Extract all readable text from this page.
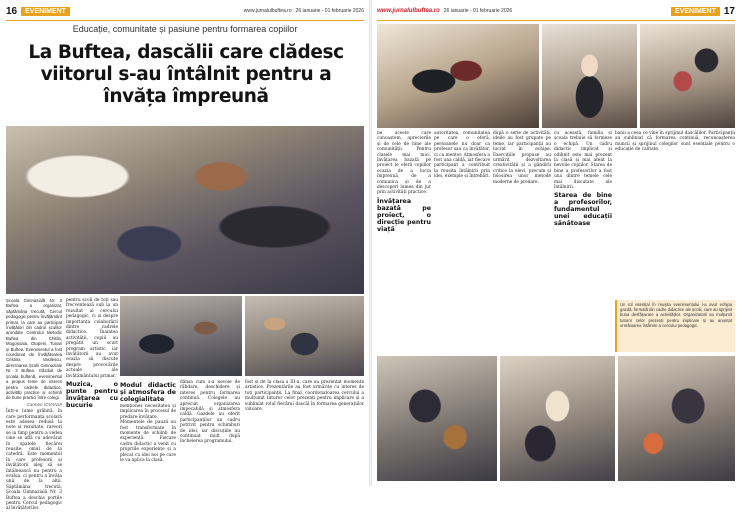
16	EVENIMENT	www.jurnalulbuftea.ro 26 ianuarie - 01 februarie 2026
Educație, comunitate și pasiune pentru formarea copiilor
La Buftea, dascălii care clădesc viitorul s-au întâlnit pentru a învăța împreună
Școala Gimnazială Nr. 3 Buftea a organizat, săptămâna trecută, Cercul pedagogic pentru învățământ primar, la care au participat învățători din cadrul școlilor arondate Centrului Metodic Buftea din Chitila, Mogoșoaia, Otopeni, Tunari și Buftea. Evenimentul a fost coordonat de învățătoarea Cristina Vasilescu, directoarea Școlii Gimnaziale Nr. 3 Buftea. Găzduit de școala buftenă, evenimentul a propus teme de interes pentru cadrele didactice, activități practice și schimb de bune practici între colegi.
Carmen IOVANUI
Într-o lume grăbită, în care performanța școlară este adesea redusă la note și rezultate, rareori se ia timp pentru a vedea cine se află cu adevărat în spatele fiecărei reușite: omul de la catedră. Este momentul în care profesorii și învățătorii aleg să se întâlnească nu pentru a evalua, ci pentru a învăța unii de la alții. Săptămâna trecută, Școala Gimnazială Nr. 3 Buftea a deschis porțile pentru Cercul pedagogic al învățătorilor.
pentru școli de toți sau frecventează sub la un rezultat al cercului pedagogic, ci și despre importanța colaborării dintre cadrele didactice. Înaintea activității, copiii au pregătit un scurt program artistic, iar învățătorii au avut ocazia să discute despre provocările actuale ale învățământului primar.
Muzica, o punte pentru învățarea cu bucurie
Modul didactic și atmosfera de colegialitate
menționez necesitatea și implicarea în procesul de predare-învățare. Momentele de pauză au fost transformate în momente de schimb de experiență. Fiecare cadru didactic a venit cu propriile experiențe și a plecat cu idei noi pe care le va aplica la clasă.
dânsa cum s-a nevoie de răbdare, deschidere și interes pentru formarea continuă. Colegele au apreciat organizarea impecabilă și atmosfera caldă. Gazdele au oferit participanților un cadru potrivit pentru schimburi de idei, iar discuțiile au continuat mult după încheierea programului.
fost și de la clasa a III-a, care au prezentat momente artistice. Prezentările au fost urmărite cu interes de toți participanții. La final, coordonatoarea cercului a mulțumit tuturor celor prezenți pentru implicare și a subliniat rolul fiecărui dascăl în formarea generațiilor viitoare.
www.jurnalulbuftea.ro 26 ianuarie - 01 februarie 2026	EVENIMENT 17
ne aceste care cunoaștem, aprecierile și de cele de bine ale comunității. Pentru clasele mai mici, învățarea bazată pe proiect le oferă copiilor ocazia de a lucra împreună, de a comunica și de a descoperi lumea din jur prin activități practice.
Învățarea bazată pe proiect, o direcție pentru viață
autoritatea, comunitatea pe care o oferă, persoanele nu doar ca profesor sau ca învățător, ci ca mentor. Atmosfera a fost una caldă, iar fiecare participant a contribuit la reușita întâlnirii prin idei, exemple și întrebări.
după o serie de activități, ideile au fost grupate pe teme, iar participanții au lucrat în echipe. Exercițiile propuse au urmărit dezvoltarea creativității și a gândirii critice la elevi, precum și folosirea unor metode moderne de predare.
cu această, familia și școala trebuie să formeze o echipă. Un cadru didactic implicat și odihnit este mai prezent la clasă și mai atent la nevoile copiilor. Starea de bine a profesorilor a fost una dintre temele cele mai discutate ale întâlnirii.
Starea de bine a profesorilor, fundamentul unei educații sănătoase
banii a ceea ce vine în sprijinul dascălilor. Participanții au subliniat că formarea continuă, recunoașterea muncii și sprijinul colegilor sunt esențiale pentru o educație de calitate.
Un rol esențial în reușita evenimentului l-a avut echipa gazdă, formată din cadre didactice ale școlii, care au sprijinit buna desfășurare a activităților. Organizatorii au mulțumit tuturor celor prezenți pentru implicare și au anunțat următoarea întâlnire a cercului pedagogic.
